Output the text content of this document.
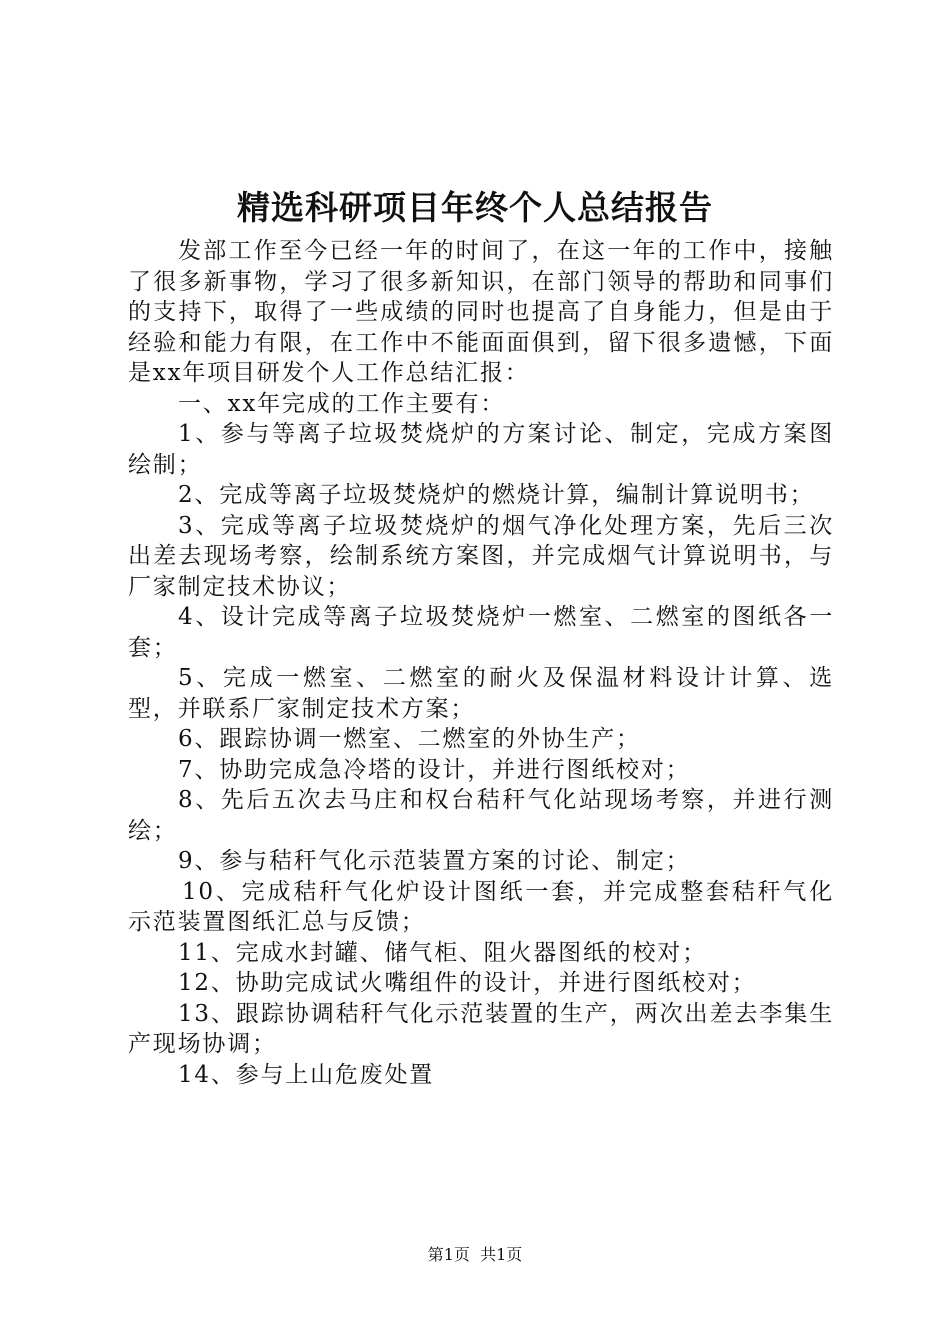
精选科研项目年终个人总结报告

发部工作至今已经一年的时间了，在这一年的工作中，接触了很多新事物，学习了很多新知识，在部门领导的帮助和同事们的支持下，取得了一些成绩的同时也提高了自身能力，但是由于经验和能力有限，在工作中不能面面俱到，留下很多遗憾，下面是xx年项目研发个人工作总结汇报：

一、xx年完成的工作主要有：

1、参与等离子垃圾焚烧炉的方案讨论、制定，完成方案图绘制；

2、完成等离子垃圾焚烧炉的燃烧计算，编制计算说明书；

3、完成等离子垃圾焚烧炉的烟气净化处理方案，先后三次出差去现场考察，绘制系统方案图，并完成烟气计算说明书，与厂家制定技术协议；

4、设计完成等离子垃圾焚烧炉一燃室、二燃室的图纸各一套；

5、完成一燃室、二燃室的耐火及保温材料设计计算、选型，并联系厂家制定技术方案；

6、跟踪协调一燃室、二燃室的外协生产；

7、协助完成急冷塔的设计，并进行图纸校对；

8、先后五次去马庄和权台秸秆气化站现场考察，并进行测绘；

9、参与秸秆气化示范装置方案的讨论、制定；

10、完成秸秆气化炉设计图纸一套，并完成整套秸秆气化示范装置图纸汇总与反馈；

11、完成水封罐、储气柜、阻火器图纸的校对；

12、协助完成试火嘴组件的设计，并进行图纸校对；

13、跟踪协调秸秆气化示范装置的生产，两次出差去李集生产现场协调；

14、参与上山危废处置

第1页  共1页
